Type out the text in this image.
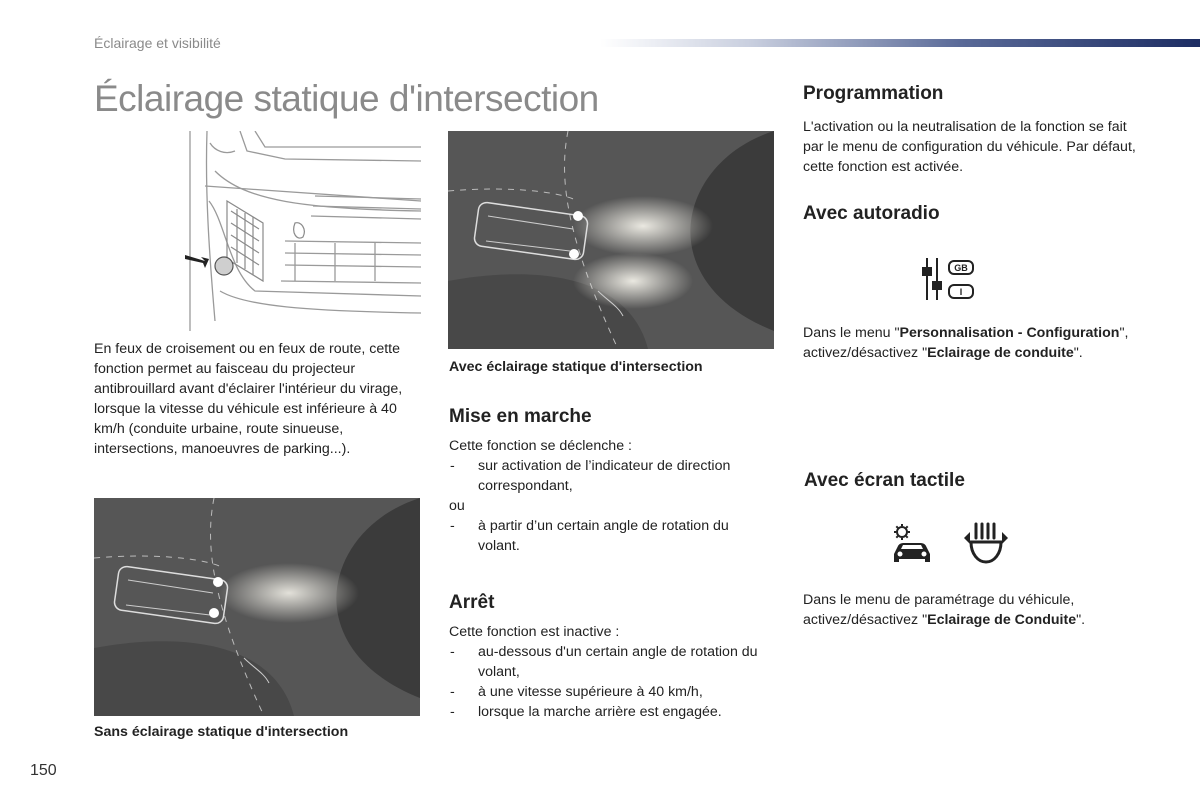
Éclairage et visibilité
Éclairage statique d'intersection
En feux de croisement ou en feux de route, cette fonction permet au faisceau du projecteur antibrouillard avant d'éclairer l'intérieur du virage, lorsque la vitesse du véhicule est inférieure à 40 km/h (conduite urbaine, route sinueuse, intersections, manoeuvres de parking...).
Avec éclairage statique d'intersection
Mise en marche
Cette fonction se déclenche :
- sur activation de l’indicateur de direction correspondant,
ou
- à partir d’un certain angle de rotation du volant.
Arrêt
Cette fonction est inactive :
- au-dessous d'un certain angle de rotation du volant,
- à une vitesse supérieure à 40 km/h,
- lorsque la marche arrière est engagée.
Sans éclairage statique d'intersection
Programmation
L'activation ou la neutralisation de la fonction se fait par le menu de configuration du véhicule. Par défaut, cette fonction est activée.
Avec autoradio
GB
I
Dans le menu "Personnalisation - Configuration", activez/désactivez "Eclairage de conduite".
Avec écran tactile
Dans le menu de paramétrage du véhicule, activez/désactivez "Eclairage de Conduite".
150
